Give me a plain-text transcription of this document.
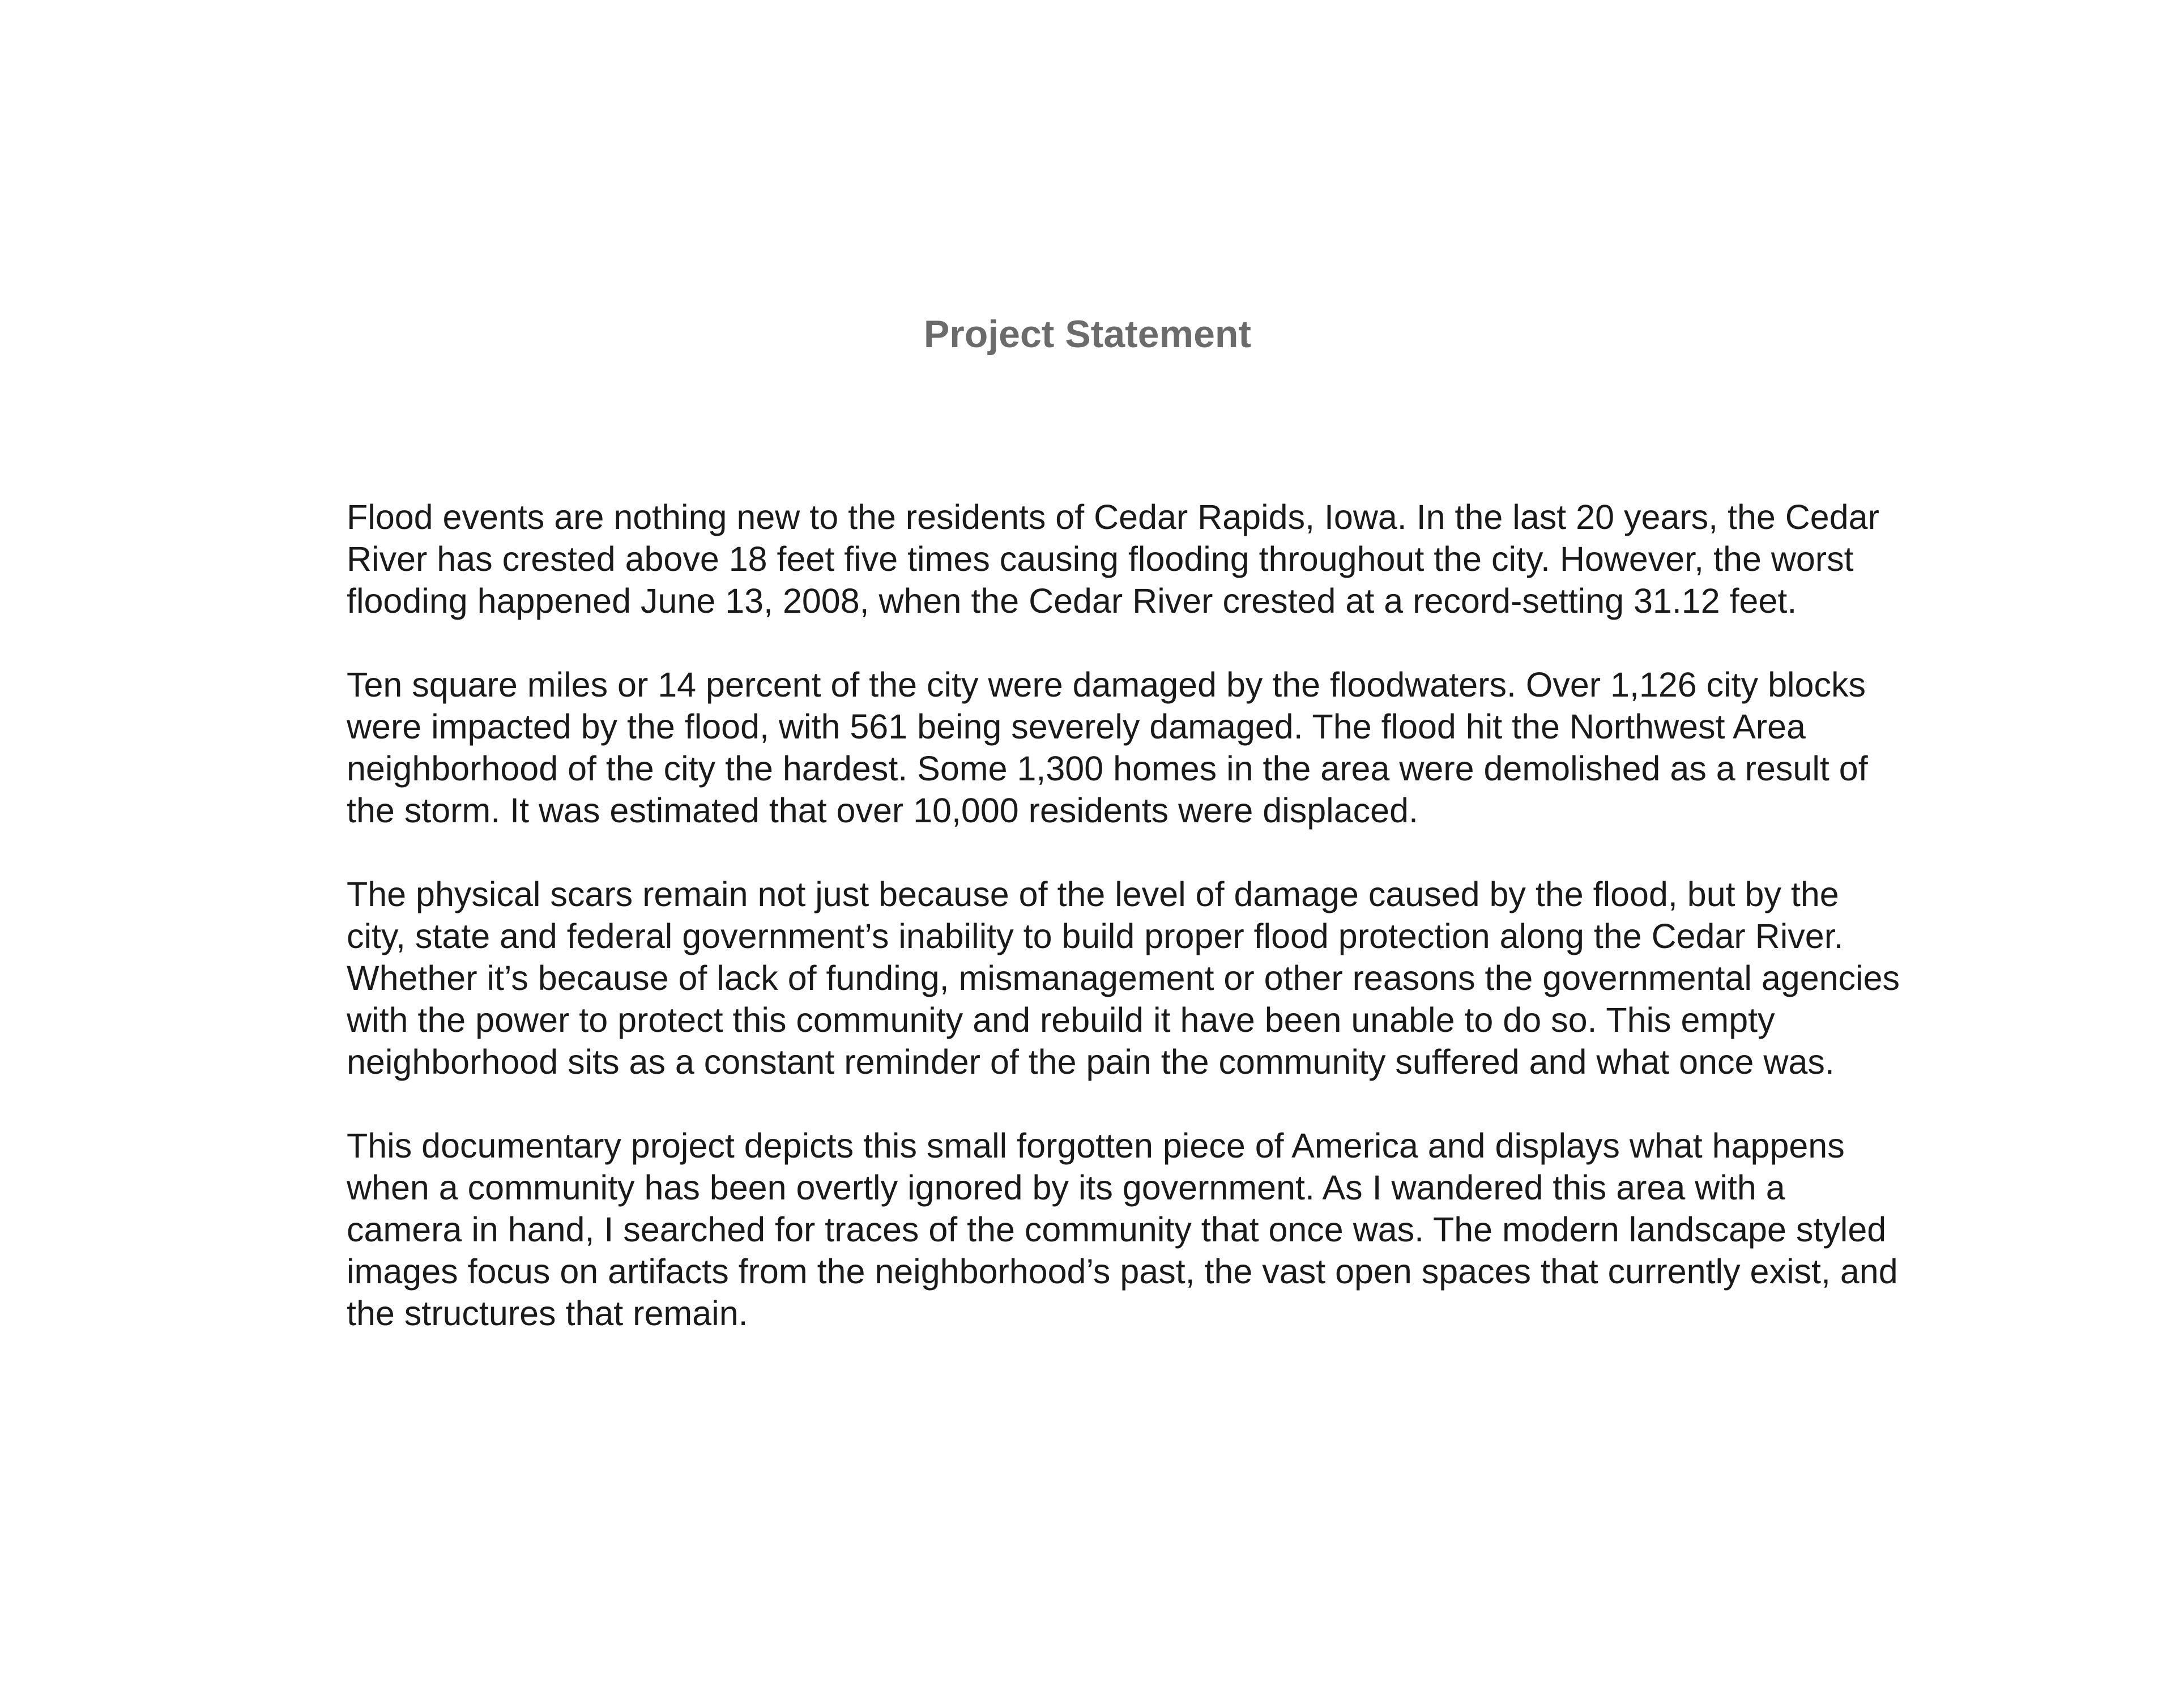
Project Statement

Flood events are nothing new to the residents of Cedar Rapids, Iowa. In the last 20 years, the Cedar
River has crested above 18 feet five times causing flooding throughout the city. However, the worst
flooding happened June 13, 2008, when the Cedar River crested at a record-setting 31.12 feet.

Ten square miles or 14 percent of the city were damaged by the floodwaters. Over 1,126 city blocks
were impacted by the flood, with 561 being severely damaged. The flood hit the Northwest Area
neighborhood of the city the hardest. Some 1,300 homes in the area were demolished as a result of
the storm. It was estimated that over 10,000 residents were displaced.

The physical scars remain not just because of the level of damage caused by the flood, but by the
city, state and federal government’s inability to build proper flood protection along the Cedar River.
Whether it’s because of lack of funding, mismanagement or other reasons the governmental agencies
with the power to protect this community and rebuild it have been unable to do so. This empty
neighborhood sits as a constant reminder of the pain the community suffered and what once was.

This documentary project depicts this small forgotten piece of America and displays what happens
when a community has been overtly ignored by its government. As I wandered this area with a
camera in hand, I searched for traces of the community that once was. The modern landscape styled
images focus on artifacts from the neighborhood’s past, the vast open spaces that currently exist, and
the structures that remain.
